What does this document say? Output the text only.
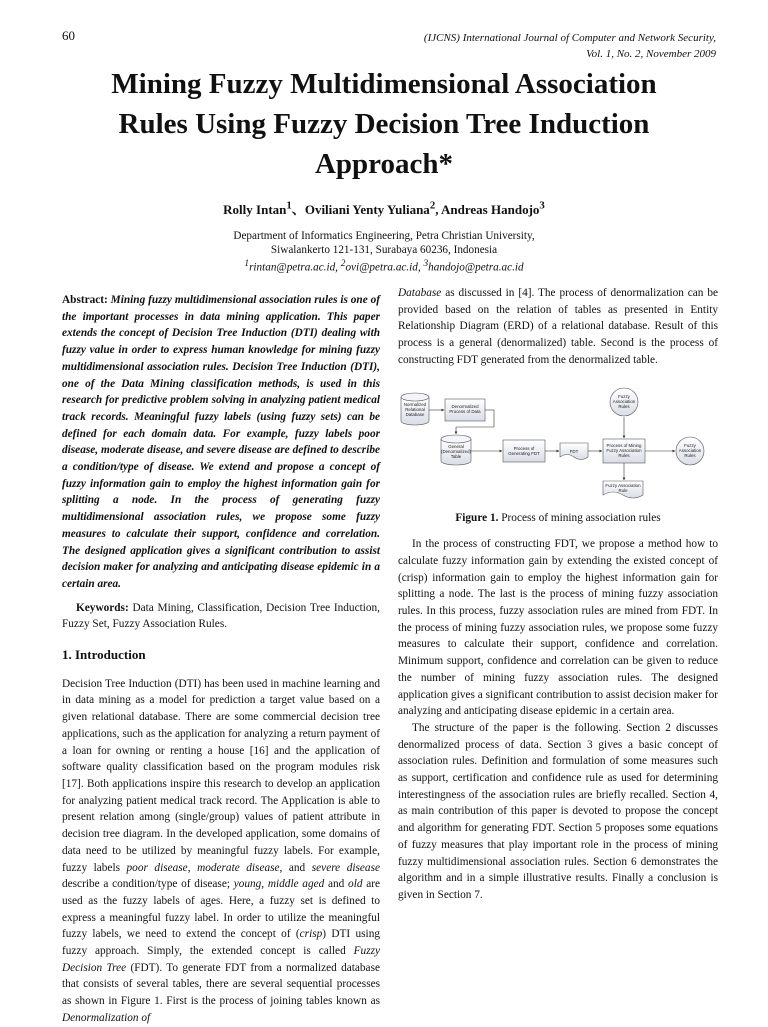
60	(IJCNS) International Journal of Computer and Network Security,
Vol. 1, No. 2, November 2009
Mining Fuzzy Multidimensional Association
Rules Using Fuzzy Decision Tree Induction
Approach*
Rolly Intan$^1$、Oviliani Yenty Yuliana$^2$, Andreas Handojo$^3$
Department of Informatics Engineering, Petra Christian University,
Siwalankerto 121-131, Surabaya 60236, Indonesia
$^1$rintan@petra.ac.id, $^2$ovi@petra.ac.id, $^3$handojo@petra.ac.id

Abstract: Mining fuzzy multidimensional association rules is one of the important processes in data mining application. This paper extends the concept of Decision Tree Induction (DTI) dealing with fuzzy value in order to express human knowledge for mining fuzzy multidimensional association rules. Decision Tree Induction (DTI), one of the Data Mining classification methods, is used in this research for predictive problem solving in analyzing patient medical track records. Meaningful fuzzy labels (using fuzzy sets) can be defined for each domain data. For example, fuzzy labels poor disease, moderate disease, and severe disease are defined to describe a condition/type of disease. We extend and propose a concept of fuzzy information gain to employ the highest information gain for splitting a node. In the process of generating fuzzy multidimensional association rules, we propose some fuzzy measures to calculate their support, confidence and correlation. The designed application gives a significant contribution to assist decision maker for analyzing and anticipating disease epidemic in a certain area.

Keywords: Data Mining, Classification, Decision Tree Induction, Fuzzy Set, Fuzzy Association Rules.

1. Introduction

Decision Tree Induction (DTI) has been used in machine learning and in data mining as a model for prediction a target value based on a given relational database. There are some commercial decision tree applications, such as the application for analyzing a return payment of a loan for owning or renting a house [16] and the application of software quality classification based on the program modules risk [17]. Both applications inspire this research to develop an application for analyzing patient medical track record. The Application is able to present relation among (single/group) values of patient attribute in decision tree diagram. In the developed application, some domains of data need to be utilized by meaningful fuzzy labels. For example, fuzzy labels poor disease, moderate disease, and severe disease describe a condition/type of disease; young, middle aged and old are used as the fuzzy labels of ages. Here, a fuzzy set is defined to express a meaningful fuzzy label. In order to utilize the meaningful fuzzy labels, we need to extend the concept of (crisp) DTI using fuzzy approach. Simply, the extended concept is called Fuzzy Decision Tree (FDT). To generate FDT from a normalized database that consists of several tables, there are several sequential processes as shown in Figure 1. First is the process of joining tables known as Denormalization of

Database as discussed in [4]. The process of denormalization can be provided based on the relation of tables as presented in Entity Relationship Diagram (ERD) of a relational database. Result of this process is a general (denormalized) table. Second is the process of constructing FDT generated from the denormalized table.

Normalized
Relational
Database
Denormalized
Process of Data
General
(Denormalized)
Table
Process of
Generating FDT	FDT
Process of Mining
Fuzzy Association
Rules
Fuzzy
Association
Rules
Fuzzy
Association
Rules
Fuzzy Association
Rule
Figure 1. Process of mining association rules

In the process of constructing FDT, we propose a method how to calculate fuzzy information gain by extending the existed concept of (crisp) information gain to employ the highest information gain for splitting a node. The last is the process of mining fuzzy association rules. In this process, fuzzy association rules are mined from FDT. In the process of mining fuzzy association rules, we propose some fuzzy measures to calculate their support, confidence and correlation. Minimum support, confidence and correlation can be given to reduce the number of mining fuzzy association rules. The designed application gives a significant contribution to assist decision maker for analyzing and anticipating disease epidemic in a certain area.

The structure of the paper is the following. Section 2 discusses denormalized process of data. Section 3 gives a basic concept of association rules. Definition and formulation of some measures such as support, certification and confidence rule as used for determining interestingness of the association rules are briefly recalled. Section 4, as main contribution of this paper is devoted to propose the concept and algorithm for generating FDT. Section 5 proposes some equations of fuzzy measures that play important role in the process of mining fuzzy multidimensional association rules. Section 6 demonstrates the algorithm and in a simple illustrative results. Finally a conclusion is given in Section 7.
